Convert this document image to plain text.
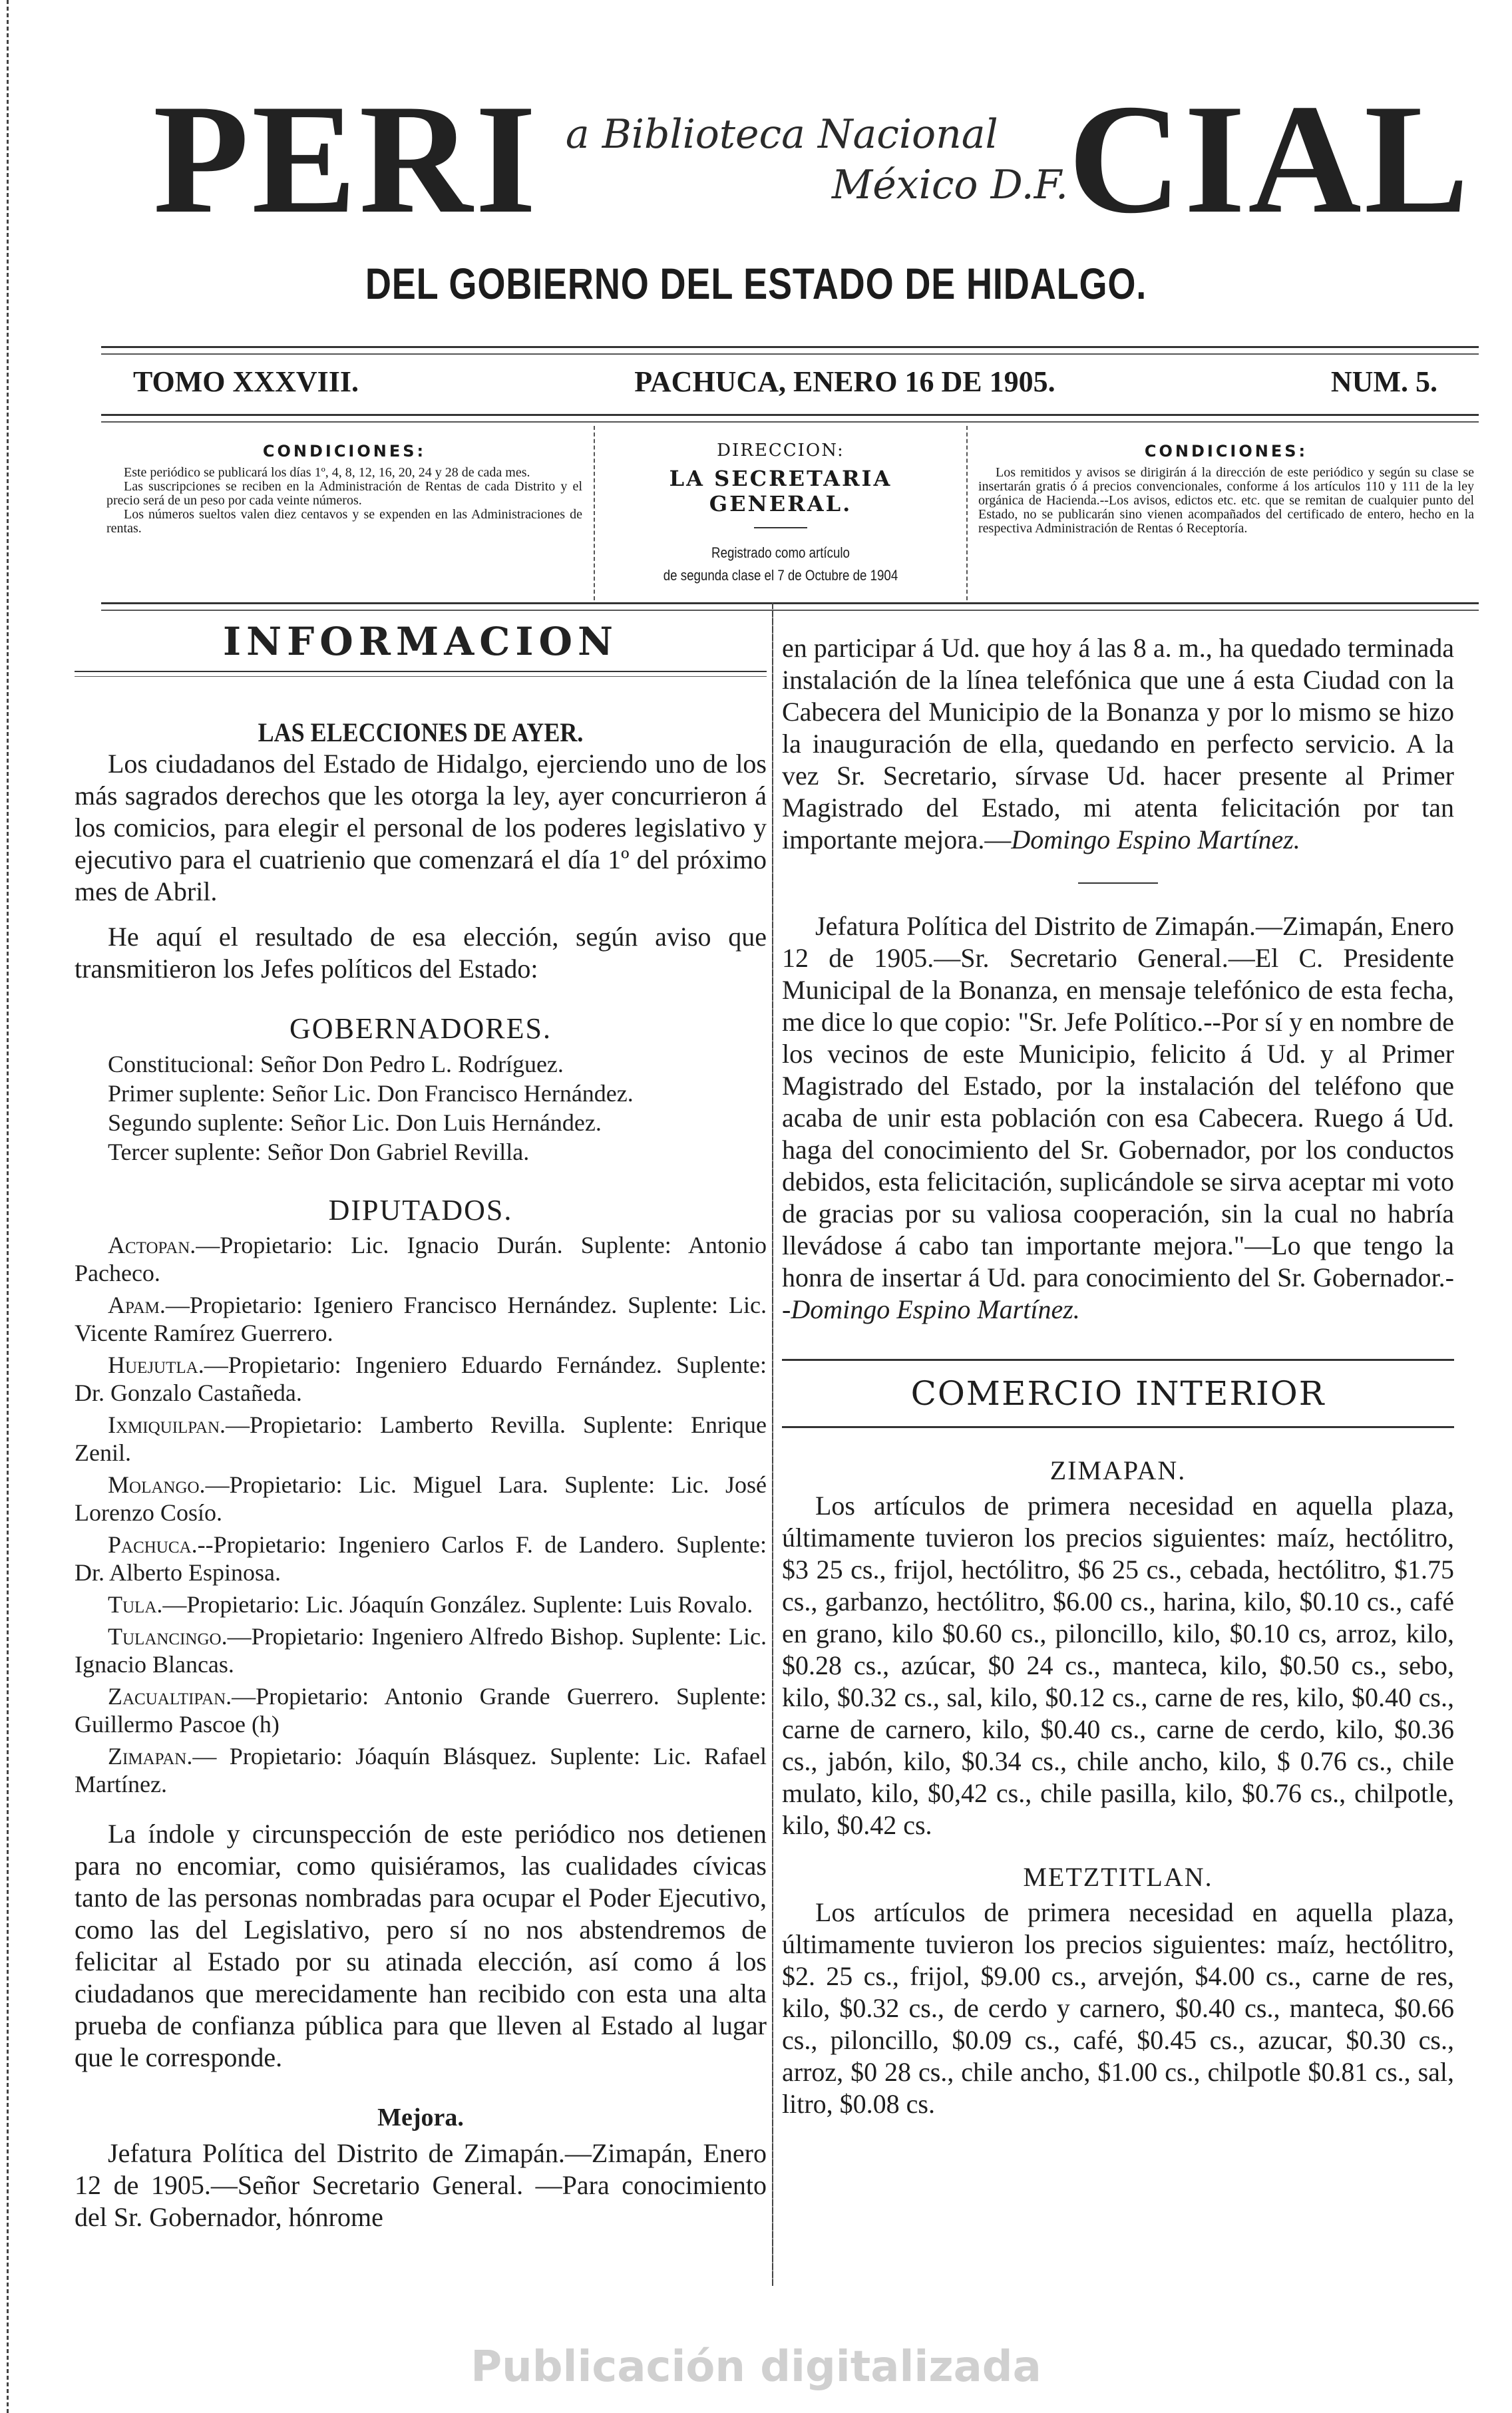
PERI a Biblioteca Nacional
México D.F. CIAL
DEL GOBIERNO DEL ESTADO DE HIDALGO.
TOMO XXXVIII.	PACHUCA, ENERO 16 DE 1905.	NUM. 5.
CONDICIONES:

Este periódico se publicará los días 1º, 4, 8, 12, 16, 20, 24 y 28 de cada mes.

Las suscripciones se reciben en la Administración de Rentas de cada Distrito y el precio será de un peso por cada veinte números.

Los números sueltos valen diez centavos y se expenden en las Administraciones de rentas.

DIRECCION:
LA SECRETARIA GENERAL.
Registrado como artículo
de segunda clase el 7 de Octubre de 1904
CONDICIONES:

Los remitidos y avisos se dirigirán á la dirección de este periódico y según su clase se insertarán gratis ó á precios convencionales, conforme á los artículos 110 y 111 de la ley orgánica de Hacienda.--Los avisos, edictos etc. etc. que se remitan de cualquier punto del Estado, no se publicarán sino vienen acompañados del certificado de entero, hecho en la respectiva Administración de Rentas ó Receptoría.

INFORMACION
LAS ELECCIONES DE AYER.

Los ciudadanos del Estado de Hidalgo, ejerciendo uno de los más sagrados derechos que les otorga la ley, ayer concurrieron á los comicios, para elegir el personal de los poderes legislativo y ejecutivo para el cuatrienio que comenzará el día 1º del próximo mes de Abril.

He aquí el resultado de esa elección, según aviso que transmitieron los Jefes políticos del Estado:

GOBERNADORES.
Constitucional: Señor Don Pedro L. Rodríguez.
Primer suplente: Señor Lic. Don Francisco Hernández.
Segundo suplente: Señor Lic. Don Luis Hernández.
Tercer suplente: Señor Don Gabriel Revilla.
DIPUTADOS.
Actopan.—Propietario: Lic. Ignacio Durán. Suplente: Antonio Pacheco.
Apam.—Propietario: Igeniero Francisco Hernández. Suplente: Lic. Vicente Ramírez Guerrero.
Huejutla.—Propietario: Ingeniero Eduardo Fernández. Suplente: Dr. Gonzalo Castañeda.
Ixmiquilpan.—Propietario: Lamberto Revilla. Suplente: Enrique Zenil.
Molango.—Propietario: Lic. Miguel Lara. Suplente: Lic. José Lorenzo Cosío.
Pachuca.--Propietario: Ingeniero Carlos F. de Landero. Suplente: Dr. Alberto Espinosa.
Tula.—Propietario: Lic. Jóaquín González. Suplente: Luis Rovalo.
Tulancingo.—Propietario: Ingeniero Alfredo Bishop. Suplente: Lic. Ignacio Blancas.
Zacualtipan.—Propietario: Antonio Grande Guerrero. Suplente: Guillermo Pascoe (h)
Zimapan.— Propietario: Jóaquín Blásquez. Suplente: Lic. Rafael Martínez.

La índole y circunspección de este periódico nos detienen para no encomiar, como quisiéramos, las cualidades cívicas tanto de las personas nombradas para ocupar el Poder Ejecutivo, como las del Legislativo, pero sí no nos abstendremos de felicitar al Estado por su atinada elección, así como á los ciudadanos que merecidamente han recibido con esta una alta prueba de confianza pública para que lleven al Estado al lugar que le corresponde.

Mejora.

Jefatura Política del Distrito de Zimapán.—Zimapán, Enero 12 de 1905.—Señor Secretario General. —Para conocimiento del Sr. Gobernador, hónrome

en participar á Ud. que hoy á las 8 a. m., ha quedado terminada instalación de la línea telefónica que une á esta Ciudad con la Cabecera del Municipio de la Bonanza y por lo mismo se hizo la inauguración de ella, quedando en perfecto servicio. A la vez Sr. Secretario, sírvase Ud. hacer presente al Primer Magistrado del Estado, mi atenta felicitación por tan importante mejora.—Domingo Espino Martínez.

Jefatura Política del Distrito de Zimapán.—Zimapán, Enero 12 de 1905.—Sr. Secretario General.—El C. Presidente Municipal de la Bonanza, en mensaje telefónico de esta fecha, me dice lo que copio: "Sr. Jefe Político.--Por sí y en nombre de los vecinos de este Municipio, felicito á Ud. y al Primer Magistrado del Estado, por la instalación del teléfono que acaba de unir esta población con esa Cabecera. Ruego á Ud. haga del conocimiento del Sr. Gobernador, por los conductos debidos, esta felicitación, suplicándole se sirva aceptar mi voto de gracias por su valiosa cooperación, sin la cual no habría llevádose á cabo tan importante mejora."—Lo que tengo la honra de insertar á Ud. para conocimiento del Sr. Gobernador.--Domingo Espino Martínez.

COMERCIO INTERIOR
ZIMAPAN.

Los artículos de primera necesidad en aquella plaza, últimamente tuvieron los precios siguientes: maíz, hectólitro, $3 25 cs., frijol, hectólitro, $6 25 cs., cebada, hectólitro, $1.75 cs., garbanzo, hectólitro, $6.00 cs., harina, kilo, $0.10 cs., café en grano, kilo $0.60 cs., piloncillo, kilo, $0.10 cs, arroz, kilo, $0.28 cs., azúcar, $0 24 cs., manteca, kilo, $0.50 cs., sebo, kilo, $0.32 cs., sal, kilo, $0.12 cs., carne de res, kilo, $0.40 cs., carne de carnero, kilo, $0.40 cs., carne de cerdo, kilo, $0.36 cs., jabón, kilo, $0.34 cs., chile ancho, kilo, $ 0.76 cs., chile mulato, kilo, $0,42 cs., chile pasilla, kilo, $0.76 cs., chilpotle, kilo, $0.42 cs.

METZTITLAN.

Los artículos de primera necesidad en aquella plaza, últimamente tuvieron los precios siguientes: maíz, hectólitro, $2. 25 cs., frijol, $9.00 cs., arvejón, $4.00 cs., carne de res, kilo, $0.32 cs., de cerdo y carnero, $0.40 cs., manteca, $0.66 cs., piloncillo, $0.09 cs., café, $0.45 cs., azucar, $0.30 cs., arroz, $0 28 cs., chile ancho, $1.00 cs., chilpotle $0.81 cs., sal, litro, $0.08 cs.

Publicación digitalizada
